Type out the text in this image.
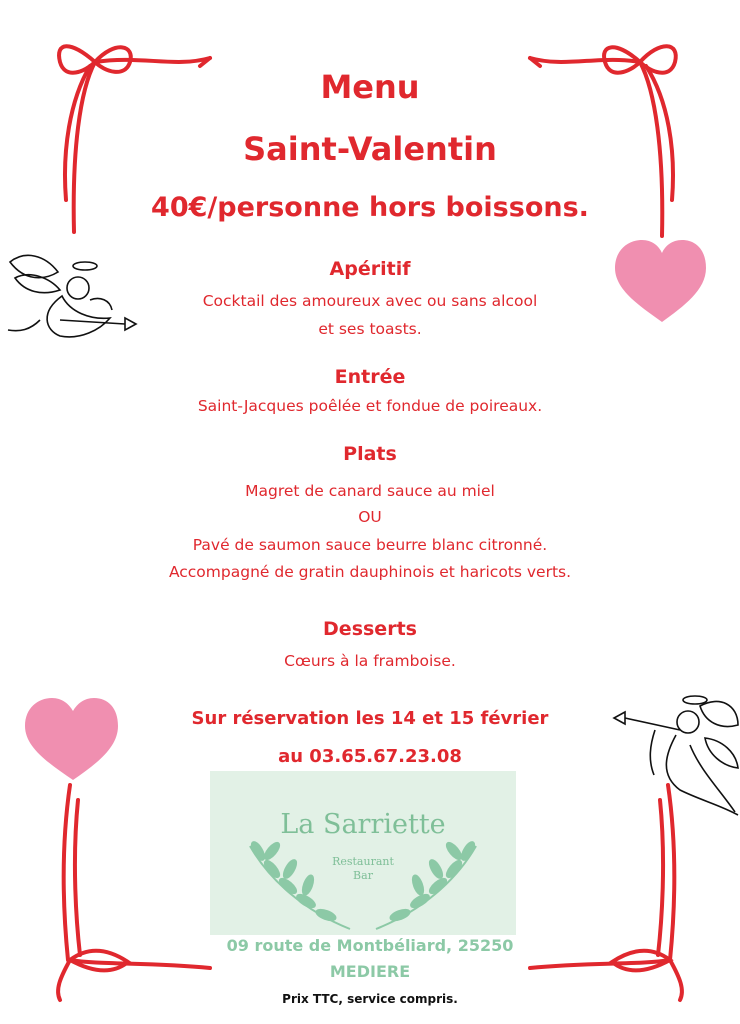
Menu
Saint-Valentin
40€/personne hors boissons.
Apéritif
Cocktail des amoureux avec ou sans alcool
et ses toasts.
Entrée
Saint-Jacques poêlée et fondue de poireaux.
Plats
Magret de canard sauce au miel
OU
Pavé de saumon sauce beurre blanc citronné.
Accompagné de gratin dauphinois et haricots verts.
Desserts
Cœurs à la framboise.
Sur réservation les 14 et 15 février
au 03.65.67.23.08
La Sarriette
Restaurant
Bar
09 route de Montbéliard, 25250
MEDIERE
Prix TTC, service compris.
